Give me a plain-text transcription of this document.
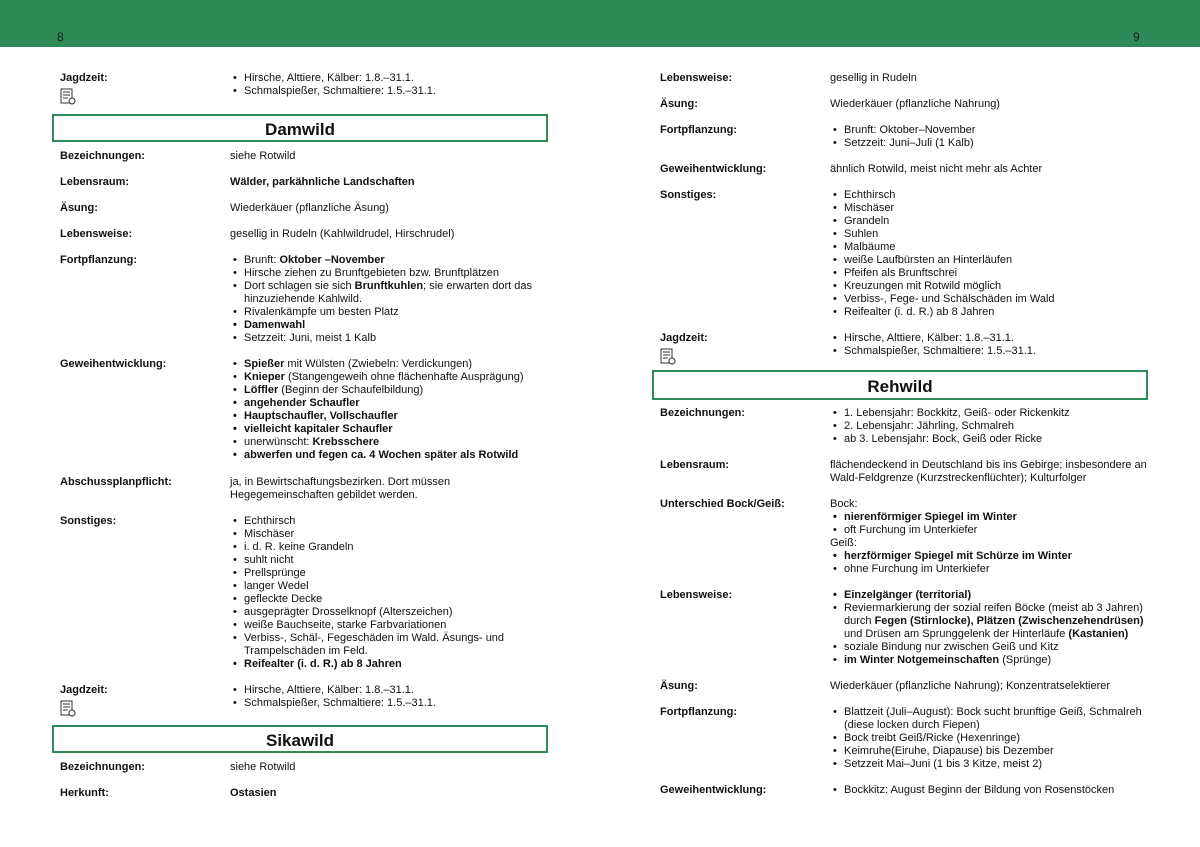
8	9
Jagdzeit:	• Hirsche, Alttiere, Kälber: 1.8.–31.1.
• Schmalspießer, Schmaltiere: 1.5.–31.1.
Damwild
Bezeichnungen:	siehe Rotwild
Lebensraum:	Wälder, parkähnliche Landschaften
Äsung:	Wiederkäuer (pflanzliche Äsung)
Lebensweise:	gesellig in Rudeln (Kahlwildrudel, Hirschrudel)
Fortpflanzung:	• Brunft: Oktober –November
• Hirsche ziehen zu Brunftgebieten bzw. Brunftplätzen
• Dort schlagen sie sich Brunftkuhlen; sie erwarten dort das hinzuziehende Kahlwild.
• Rivalenkämpfe um besten Platz
• Damenwahl
• Setzzeit: Juni, meist 1 Kalb
Geweihentwicklung:	• Spießer mit Wülsten (Zwiebeln: Verdickungen)
• Knieper (Stangengeweih ohne flächenhafte Ausprägung)
• Löffler (Beginn der Schaufelbildung)
• angehender Schaufler
• Hauptschaufler, Vollschaufler
• vielleicht kapitaler Schaufler
• unerwünscht: Krebsschere
• abwerfen und fegen ca. 4 Wochen später als Rotwild
Abschussplanpflicht:	ja, in Bewirtschaftungsbezirken. Dort müssen Hegegemeinschaften gebildet werden.
Sonstiges:	• Echthirsch
• Mischäser
• i. d. R. keine Grandeln
• suhlt nicht
• Prellsprünge
• langer Wedel
• gefleckte Decke
• ausgeprägter Drosselknopf (Alterszeichen)
• weiße Bauchseite, starke Farbvariationen
• Verbiss-, Schäl-, Fegeschäden im Wald. Äsungs- und Trampelschäden im Feld.
• Reifealter (i. d. R.) ab 8 Jahren
Jagdzeit:	• Hirsche, Alttiere, Kälber: 1.8.–31.1.
• Schmalspießer, Schmaltiere: 1.5.–31.1.
Sikawild
Bezeichnungen:	siehe Rotwild
Herkunft:	Ostasien
Lebensweise:	gesellig in Rudeln
Äsung:	Wiederkäuer (pflanzliche Nahrung)
Fortpflanzung:	• Brunft: Oktober–November
• Setzzeit: Juni–Juli (1 Kalb)
Geweihentwicklung:	ähnlich Rotwild, meist nicht mehr als Achter
Sonstiges:	• Echthirsch
• Mischäser
• Grandeln
• Suhlen
• Malbäume
• weiße Laufbürsten an Hinterläufen
• Pfeifen als Brunftschrei
• Kreuzungen mit Rotwild möglich
• Verbiss-, Fege- und Schälschäden im Wald
• Reifealter (i. d. R.) ab 8 Jahren
Jagdzeit:	• Hirsche, Alttiere, Kälber: 1.8.–31.1.
• Schmalspießer, Schmaltiere: 1.5.–31.1.
Rehwild
Bezeichnungen:	• 1. Lebensjahr: Bockkitz, Geiß- oder Rickenkitz
• 2. Lebensjahr: Jährling, Schmalreh
• ab 3. Lebensjahr: Bock, Geiß oder Ricke
Lebensraum:	flächendeckend in Deutschland bis ins Gebirge; insbesondere an Wald-Feldgrenze (Kurzstreckenflüchter); Kulturfolger
Unterschied Bock/Geiß:	Bock:
• nierenförmiger Spiegel im Winter
• oft Furchung im Unterkiefer
Geiß:
• herzförmiger Spiegel mit Schürze im Winter
• ohne Furchung im Unterkiefer
Lebensweise:	• Einzelgänger (territorial)
• Reviermarkierung der sozial reifen Böcke (meist ab 3 Jahren) durch Fegen (Stirnlocke), Plätzen (Zwischenzehendrüsen) und Drüsen am Sprunggelenk der Hinterläufe (Kastanien)
• soziale Bindung nur zwischen Geiß und Kitz
• im Winter Notgemeinschaften (Sprünge)
Äsung:	Wiederkäuer (pflanzliche Nahrung); Konzentratselektierer
Fortpflanzung:	• Blattzeit (Juli–August): Bock sucht brunftige Geiß, Schmalreh (diese locken durch Fiepen)
• Bock treibt Geiß/Ricke (Hexenringe)
• Keimruhe(Eiruhe, Diapause) bis Dezember
• Setzzeit Mai–Juni (1 bis 3 Kitze, meist 2)
Geweihentwicklung:	• Bockkitz: August Beginn der Bildung von Rosenstöcken
